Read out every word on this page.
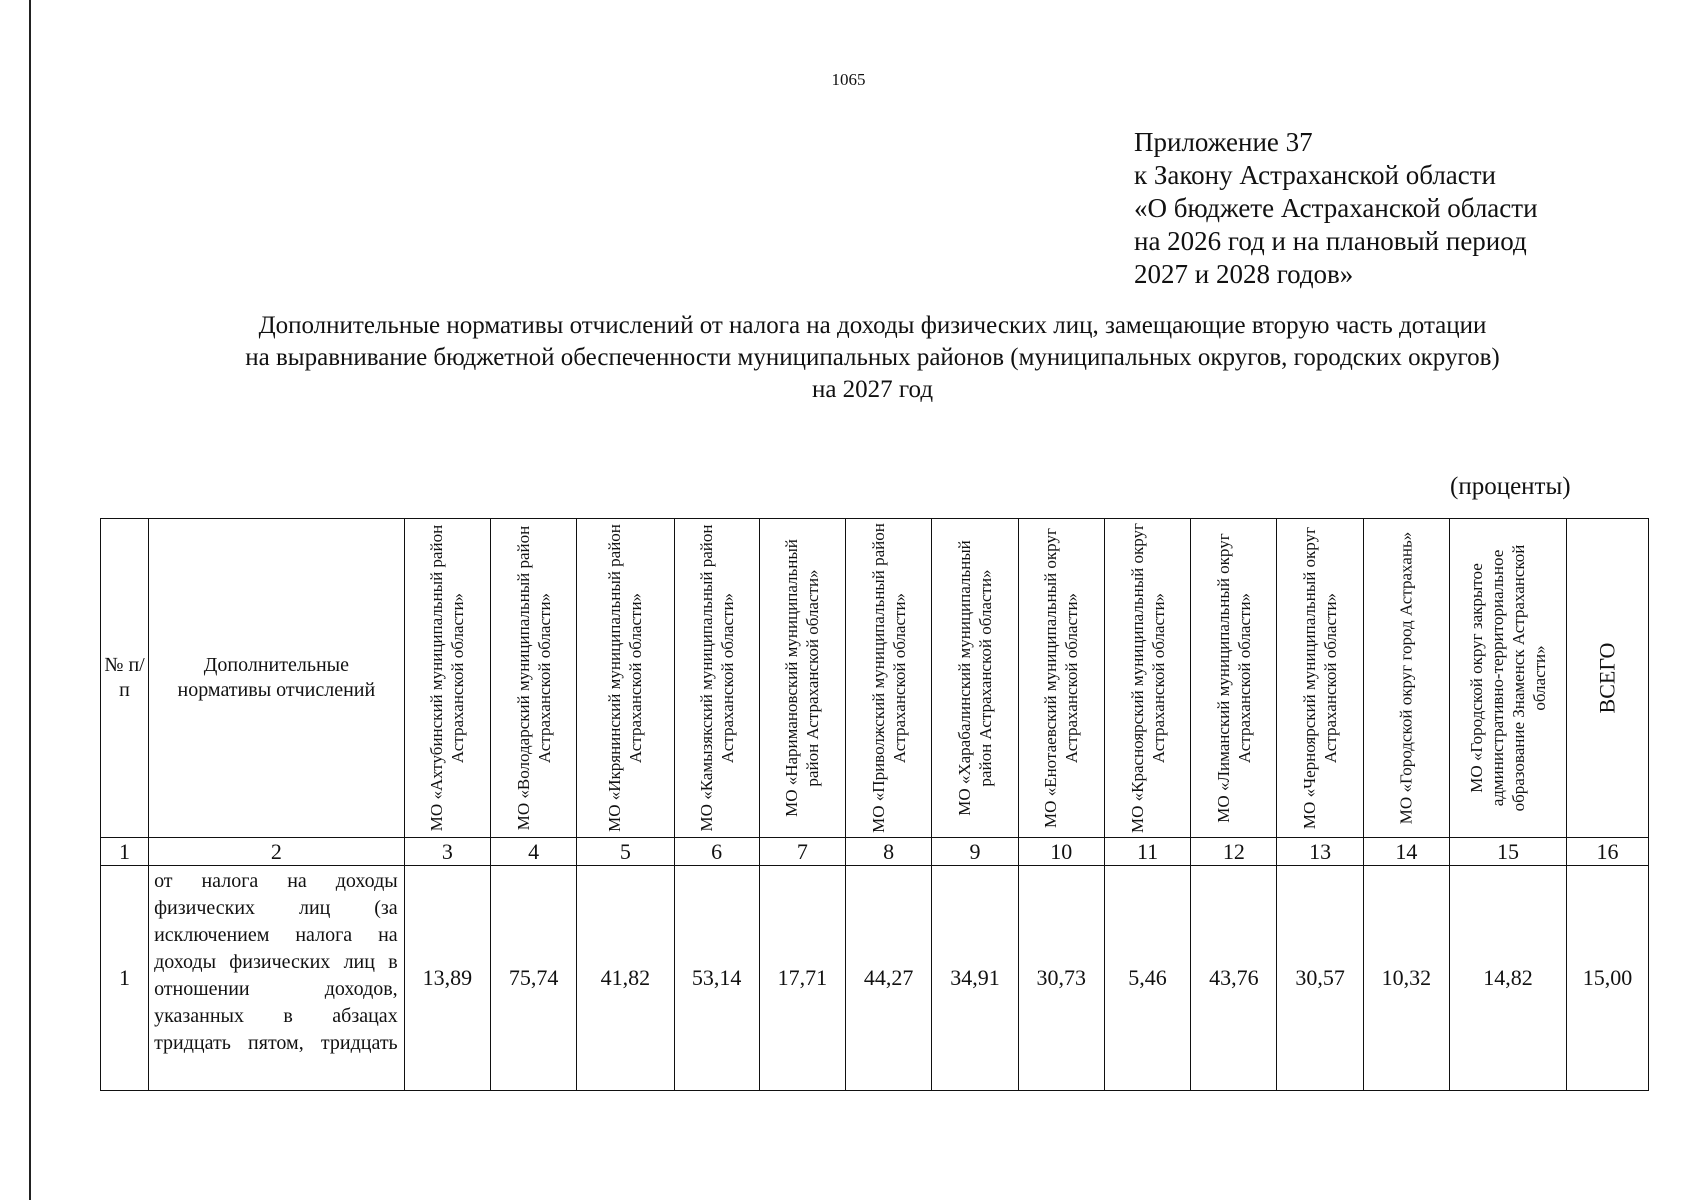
1065
Приложение 37
к Закону Астраханской области
«О бюджете Астраханской области
на 2026 год и на плановый период
2027 и 2028 годов»
Дополнительные нормативы отчислений от налога на доходы физических лиц, замещающие вторую часть дотации
на выравнивание бюджетной обеспеченности муниципальных районов (муниципальных округов, городских округов)
на 2027 год
(проценты)
№ п/п	Дополнительные нормативы отчислений	МО «Ахтубинский муниципальный район Астраханской области»	МО «Володарский муниципальный район Астраханской области»	МО «Икрянинский муниципальный район Астраханской области»	МО «Камызякский муниципальный район Астраханской области»	МО «Наримановский муниципальный район Астраханской области»	МО «Приволжский муниципальный район Астраханской области»	МО «Харабалинский муниципальный район Астраханской области»	МО «Енотаевский муниципальный округ Астраханской области»	МО «Красноярский муниципальный округ Астраханской области»	МО «Лиманский муниципальный округ Астраханской области»	МО «Черноярский муниципальный округ Астраханской области»	МО «Городской округ город Астрахань»	МО «Городской округ закрытое административно-территориальное образование Знаменск Астраханской области»	ВСЕГО

1	2	3	4	5	6	7	8	9	10	11	12	13	14	15	16
1	от налога на доходы физических лиц (за исключением налога на доходы физических лиц в отношении доходов, указанных в абзацах тридцать пятом, тридцать	13,89	75,74	41,82	53,14	17,71	44,27	34,91	30,73	5,46	43,76	30,57	10,32	14,82	15,00
